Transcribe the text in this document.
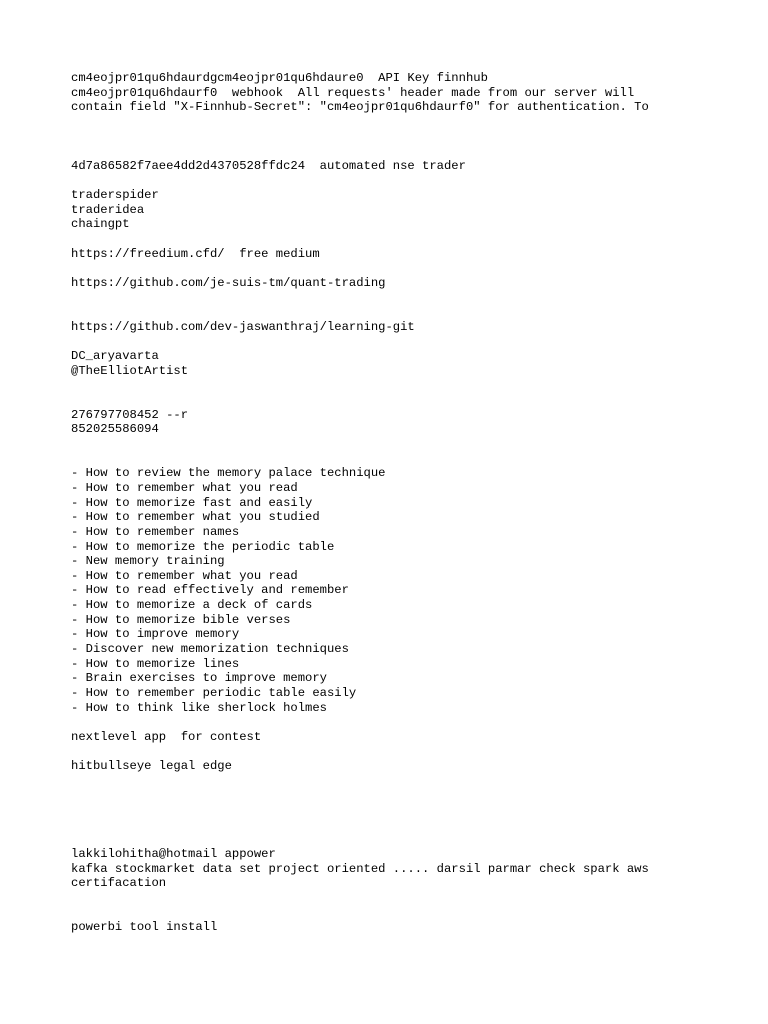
cm4eojpr01qu6hdaurdgcm4eojpr01qu6hdaure0  API Key finnhub
cm4eojpr01qu6hdaurf0  webhook  All requests' header made from our server will
contain field "X-Finnhub-Secret": "cm4eojpr01qu6hdaurf0" for authentication. To
4d7a86582f7aee4dd2d4370528ffdc24  automated nse trader
traderspider
traderidea
chaingpt
https://freedium.cfd/  free medium
https://github.com/je-suis-tm/quant-trading
https://github.com/dev-jaswanthraj/learning-git
DC_aryavarta
@TheElliotArtist
276797708452 --r
852025586094
- How to review the memory palace technique
- How to remember what you read
- How to memorize fast and easily
- How to remember what you studied
- How to remember names
- How to memorize the periodic table
- New memory training
- How to remember what you read
- How to read effectively and remember
- How to memorize a deck of cards
- How to memorize bible verses
- How to improve memory
- Discover new memorization techniques
- How to memorize lines
- Brain exercises to improve memory
- How to remember periodic table easily
- How to think like sherlock holmes
nextlevel app  for contest
hitbullseye legal edge
lakkilohitha@hotmail appower
kafka stockmarket data set project oriented ..... darsil parmar check spark aws
certifacation
powerbi tool install
